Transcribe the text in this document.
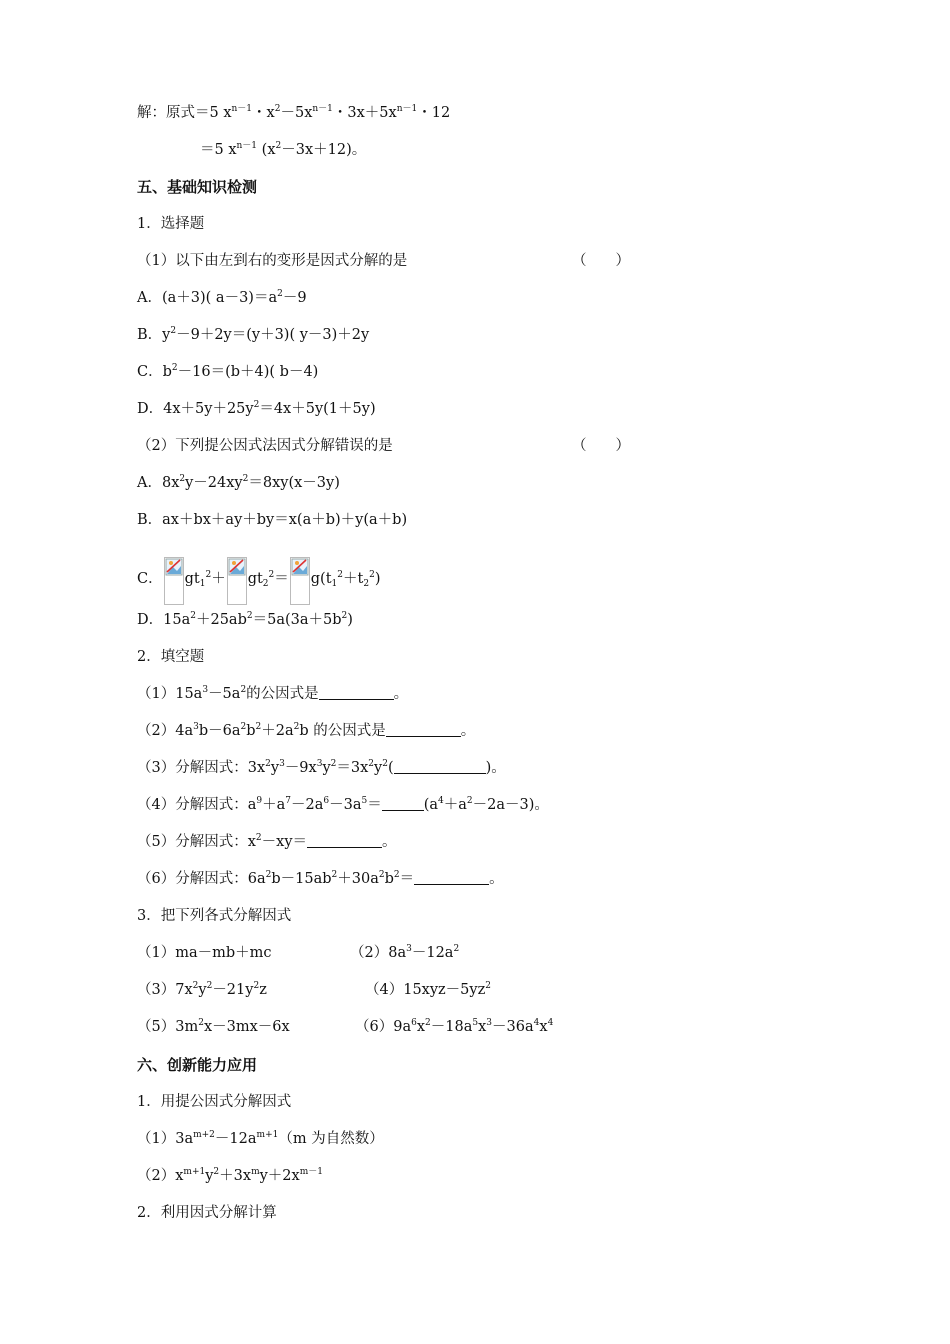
解：原式＝5 $x^{n-1}$・$x^2-5x^{n-1}$・$3x+5x^{n-1}$・12
＝5 $x^{n-1}$ $(x^2-3x+12)$。
五、基础知识检测
1．选择题
（1）以下由左到右的变形是因式分解的是	（　　）
A．(a＋3)( $a-3)=a^2-9$
B．$y^2-9+2y=(y+3)$( y－3)＋2y
C．$b^2-16=(b+4)$( b－4)
D．$4x+5y+25y^2=4x+5y(1+5y)$
（2）下列提公因式法因式分解错误的是	（　　）
A．$8x^2y-24xy^2=8xy(x-3y)$
B．ax＋bx＋ay＋by＝x(a＋b)＋y(a＋b)
C． $gt_1^2+ gt_2^2= g(t_1^2+t_2^2)$
D．$15a^2+25ab^2=5a(3a+5b^2)$
2．填空题
$(1)15a^3-5a^2$的公因式是	。
$(2)4a^3b-6a^2b^2+2a^2b$ 的公因式是	。
（3）分解因式：$3x^2y^3-9x^3y^2=3x^2y^2$(	)。
（4）分解因式：$a^9+a^7-2a^6-3a^5=$	$(a^4+a^2-2a-3)$。
（5）分解因式：$x^2-xy=$	。
（6）分解因式：$6a^2b-15ab^2+30a^2b^2=$	。
3．把下列各式分解因式
（1）ma－mb＋mc	$(2)8a^3-12a^2$
$(3)7x^2y^2-21y^2z$	$(4)15xyz-5yz^2$
$(5)3m^2x-3mx-6x$	$(6)9a^6x^2-18a^5x^3-36a^4x^4$
六、创新能力应用
1．用提公因式分解因式
$(1)3a^{m+2}-12a^{m+1}(m$ 为自然数）
$(2)x^{m+1}y^2+3x^my+2x^{m-1}$
2．利用因式分解计算
